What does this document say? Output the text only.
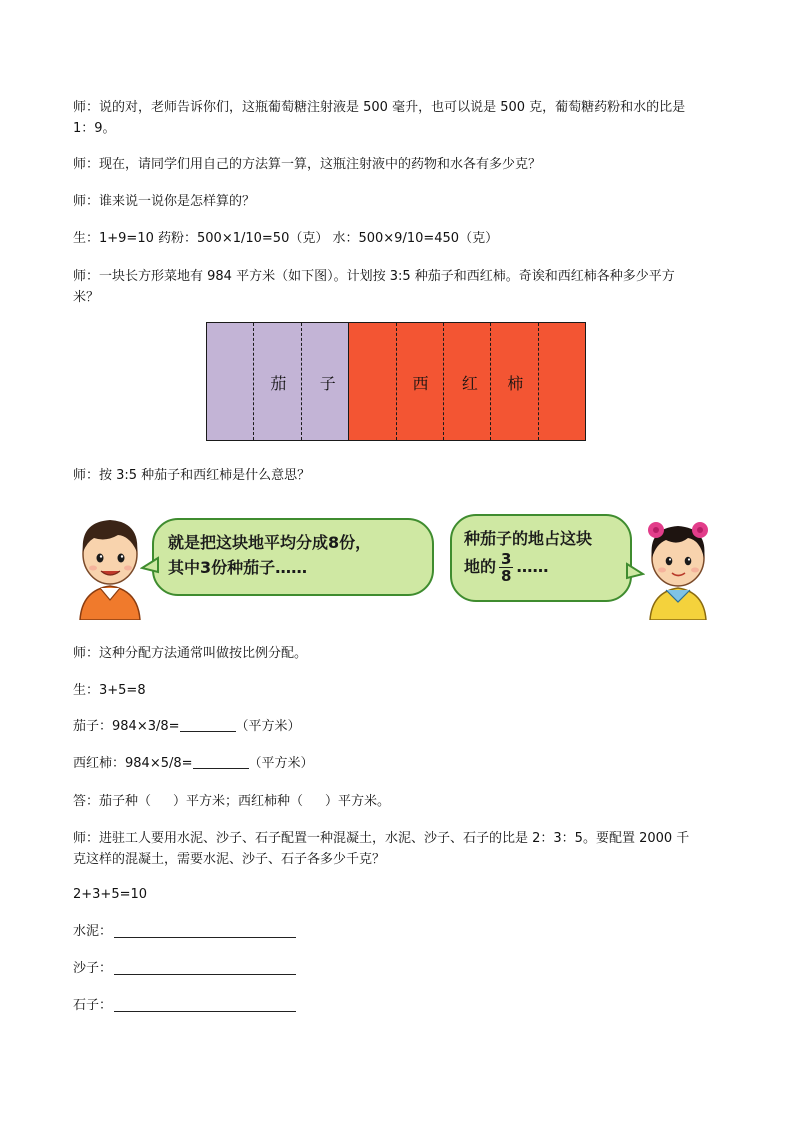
师：说的对，老师告诉你们，这瓶葡萄糖注射液是 500 毫升，也可以说是 500 克，葡萄糖药粉和水的比是
1：9。

师：现在，请同学们用自己的方法算一算，这瓶注射液中的药物和水各有多少克？

师：谁来说一说你是怎样算的？

生：1+9=10 药粉：500×1/10=50（克） 水：500×9/10=450（克）

师：一块长方形菜地有 984 平方米（如下图）。计划按 3:5 种茄子和西红柿。奇诶和西红柿各种多少平方
米？

茄 子	西 红 柿

师：按 3:5 种茄子和西红柿是什么意思？

就是把这块地平均分成8份，
其中3份种茄子……
种茄子的地占这块
地的 $\frac{3}{8}$ ……

师：这种分配方法通常叫做按比例分配。

生：3+5=8

茄子：984×3/8=	（平方米）

西红柿：984×5/8=	（平方米）

答：茄子种（ ）平方米；西红柿种（ ）平方米。

师：进驻工人要用水泥、沙子、石子配置一种混凝土，水泥、沙子、石子的比是 2：3：5。要配置 2000 千
克这样的混凝土，需要水泥、沙子、石子各多少千克？

2+3+5=10

水泥：

沙子：

石子：
